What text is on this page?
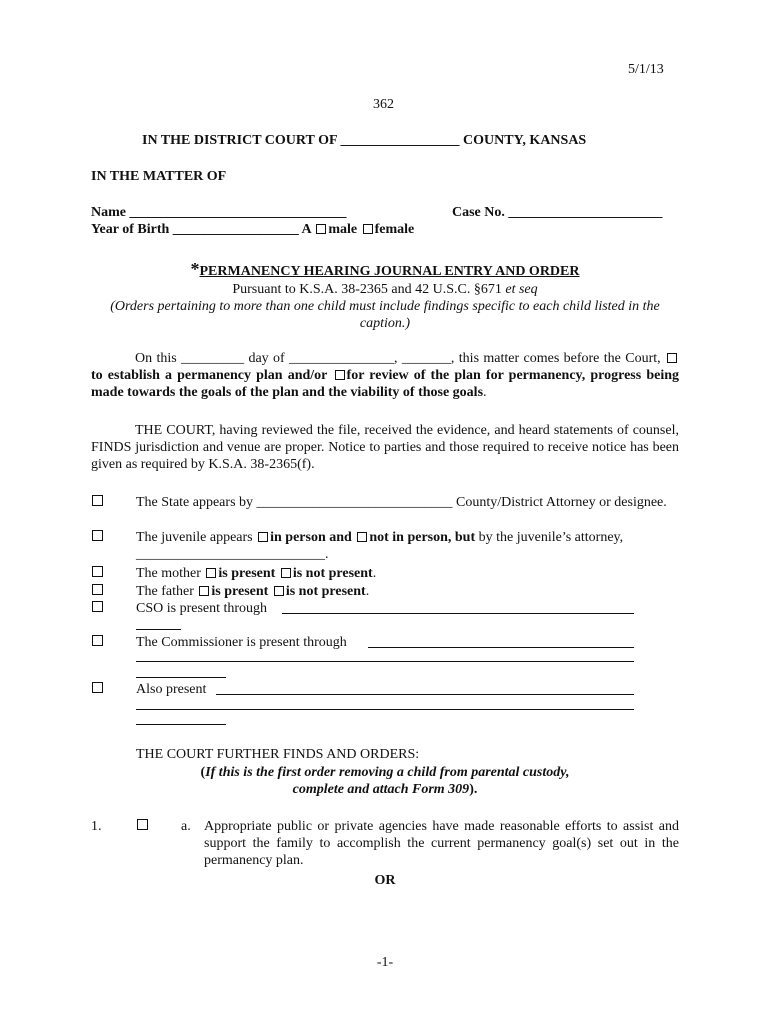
5/1/13
362
IN THE DISTRICT COURT OF _________________ COUNTY, KANSAS
IN THE MATTER OF
Name _______________________________	Case No. ______________________
Year of Birth __________________ A male female
*PERMANENCY HEARING JOURNAL ENTRY AND ORDER
Pursuant to K.S.A. 38-2365 and 42 U.S.C. §671 et seq
(Orders pertaining to more than one child must include findings specific to each child listed in the caption.)
On this _________ day of _______________, _______, this matter comes before the Court, to establish a permanency plan and/or for review of the plan for permanency, progress being made towards the goals of the plan and the viability of those goals.
THE COURT, having reviewed the file, received the evidence, and heard statements of counsel, FINDS jurisdiction and venue are proper. Notice to parties and those required to receive notice has been given as required by K.S.A. 38-2365(f).
The State appears by ____________________________ County/District Attorney or designee.
The juvenile appears in person and not in person, but by the juvenile’s attorney,
___________________________.
The mother is present is not present.
The father is present is not present.
CSO is present through
The Commissioner is present through
Also present
THE COURT FURTHER FINDS AND ORDERS:
(If this is the first order removing a child from parental custody,
complete and attach Form 309).
1.	a. Appropriate public or private agencies have made reasonable efforts to assist and support the family to accomplish the current permanency goal(s) set out in the permanency plan.
OR
-1-
